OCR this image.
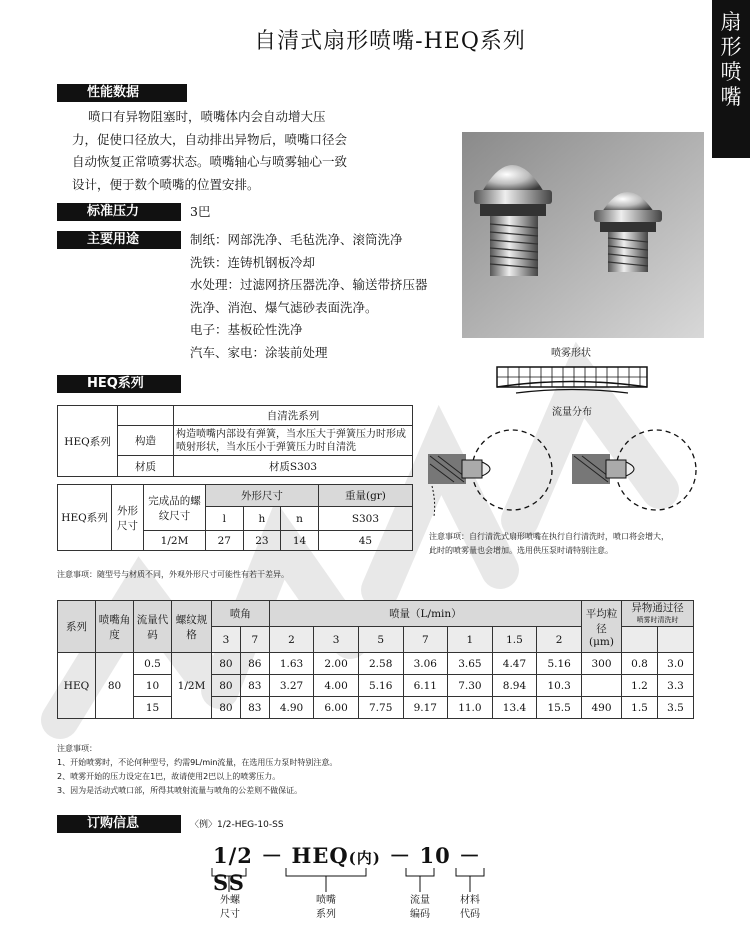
自清式扇形喷嘴-HEQ系列
扇
形
喷
嘴
性能数据
喷口有异物阻塞时，喷嘴体内会自动增大压
力，促使口径放大，自动排出异物后，喷嘴口径会
自动恢复正常喷雾状态。喷嘴轴心与喷雾轴心一致
设计，便于数个喷嘴的位置安排。
标准压力	3巴
主要用途	制纸：网部洗净、毛毡洗净、滚筒洗净
洗铁：连铸机钢板冷却
水处理：过滤网挤压器洗净、输送带挤压器
洗净、消泡、爆气滤砂表面洗净。
电子：基板砼性洗净
汽车、家电：涂装前处理	喷雾形状
流量分布
注意事项：自行清洗式扇形喷嘴在执行自行清洗时，喷口将会增大，
此时的喷雾量也会增加。选用供压泵时请特别注意。
HEQ系列
HEQ系列		自清洗系列
	构造	构造喷嘴内部设有弹簧，当水压大于弹簧压力时形成喷射形状，当水压小于弹簧压力时自清洗
	材质	材质S303
HEQ系列	外形尺寸	完成品的螺纹尺寸	外形尺寸			重量(gr)
			l	h	n	S303
		1/2M	27	23	14	45
注意事项：随型号与材质不同，外观外形尺寸可能性有若干差异。
系列	喷嘴角度	流量代码	螺纹规格	喷角		喷量（L/min）							平均粒径(μm)	异物通过径
喷雾时清洗时	

				3	7	2	3	5	7	1	1.5	2			
HEQ	80	0.5	1/2M	80	86	1.63	2.00	2.58	3.06	3.65	4.47	5.16	300	0.8	3.0
		10		80	83	3.27	4.00	5.16	6.11	7.30	8.94	10.3		1.2	3.3
		15		80	83	4.90	6.00	7.75	9.17	11.0	13.4	15.5	490	1.5	3.5
注意事项：
1、开始喷雾时，不论何种型号，约需9L/min流量，在选用压力泵时特别注意。
2、喷雾开始的压力设定在1巴，故请使用2巴以上的喷雾压力。
3、因为是活动式喷口部，所得其喷射流量与喷角的公差则不做保证。
订购信息	〈例〉1/2-HEG-10-SS
1/2 － HEQ(内) － 10 － SS
外螺
尺寸
喷嘴
系列
流量
编码
材料
代码
